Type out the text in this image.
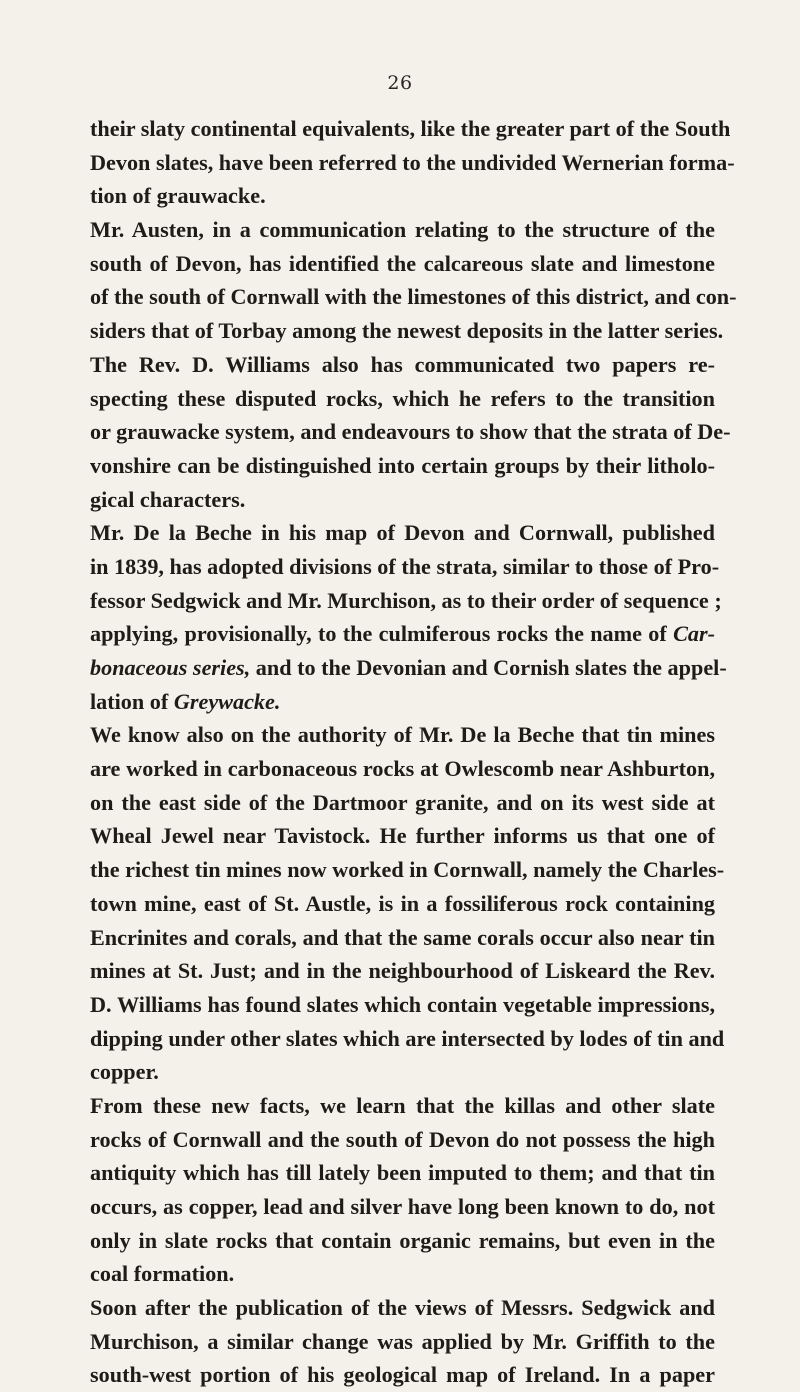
26
their slaty continental equivalents, like the greater part of the South
Devon slates, have been referred to the undivided Wernerian forma-
tion of grauwacke.
Mr. Austen, in a communication relating to the structure of the
south of Devon, has identified the calcareous slate and limestone
of the south of Cornwall with the limestones of this district, and con-
siders that of Torbay among the newest deposits in the latter series.
The Rev. D. Williams also has communicated two papers re-
specting these disputed rocks, which he refers to the transition
or grauwacke system, and endeavours to show that the strata of De-
vonshire can be distinguished into certain groups by their litholo-
gical characters.
Mr. De la Beche in his map of Devon and Cornwall, published
in 1839, has adopted divisions of the strata, similar to those of Pro-
fessor Sedgwick and Mr. Murchison, as to their order of sequence ;
applying, provisionally, to the culmiferous rocks the name of Car-
bonaceous series, and to the Devonian and Cornish slates the appel-
lation of Greywacke.
We know also on the authority of Mr. De la Beche that tin mines
are worked in carbonaceous rocks at Owlescomb near Ashburton,
on the east side of the Dartmoor granite, and on its west side at
Wheal Jewel near Tavistock. He further informs us that one of
the richest tin mines now worked in Cornwall, namely the Charles-
town mine, east of St. Austle, is in a fossiliferous rock containing
Encrinites and corals, and that the same corals occur also near tin
mines at St. Just; and in the neighbourhood of Liskeard the Rev.
D. Williams has found slates which contain vegetable impressions,
dipping under other slates which are intersected by lodes of tin and
copper.
From these new facts, we learn that the killas and other slate
rocks of Cornwall and the south of Devon do not possess the high
antiquity which has till lately been imputed to them; and that tin
occurs, as copper, lead and silver have long been known to do, not
only in slate rocks that contain organic remains, but even in the
coal formation.
Soon after the publication of the views of Messrs. Sedgwick and
Murchison, a similar change was applied by Mr. Griffith to the
south-west portion of his geological map of Ireland. In a paper
